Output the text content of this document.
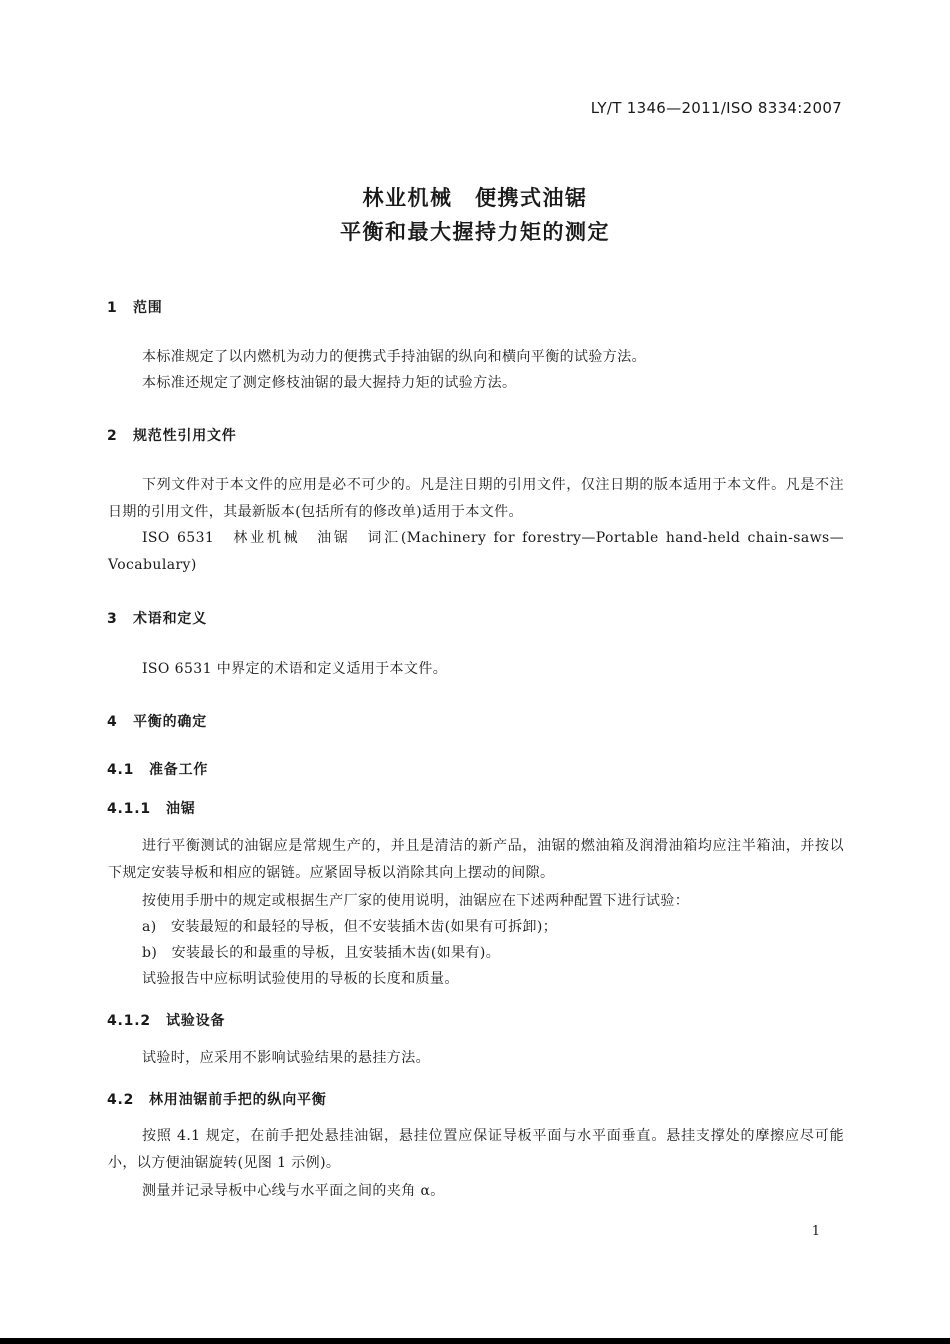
LY/T 1346—2011/ISO 8334:2007
林业机械　便携式油锯
平衡和最大握持力矩的测定
1 范围
本标准规定了以内燃机为动力的便携式手持油锯的纵向和横向平衡的试验方法。
本标准还规定了测定修枝油锯的最大握持力矩的试验方法。
2 规范性引用文件
下列文件对于本文件的应用是必不可少的。凡是注日期的引用文件，仅注日期的版本适用于本文件。凡是不注日期的引用文件，其最新版本(包括所有的修改单)适用于本文件。
ISO 6531　林业机械　油锯　词汇(Machinery for forestry—Portable hand-held chain-saws—Vocabulary)
3 术语和定义
ISO 6531 中界定的术语和定义适用于本文件。
4 平衡的确定
4.1 准备工作
4.1.1 油锯
进行平衡测试的油锯应是常规生产的，并且是清洁的新产品，油锯的燃油箱及润滑油箱均应注半箱油，并按以下规定安装导板和相应的锯链。应紧固导板以消除其向上摆动的间隙。
按使用手册中的规定或根据生产厂家的使用说明，油锯应在下述两种配置下进行试验：
a)　安装最短的和最轻的导板，但不安装插木齿(如果有可拆卸)；
b)　安装最长的和最重的导板，且安装插木齿(如果有)。
试验报告中应标明试验使用的导板的长度和质量。
4.1.2 试验设备
试验时，应采用不影响试验结果的悬挂方法。
4.2 林用油锯前手把的纵向平衡
按照 4.1 规定，在前手把处悬挂油锯，悬挂位置应保证导板平面与水平面垂直。悬挂支撑处的摩擦应尽可能小，以方便油锯旋转(见图 1 示例)。
测量并记录导板中心线与水平面之间的夹角 α。
1
